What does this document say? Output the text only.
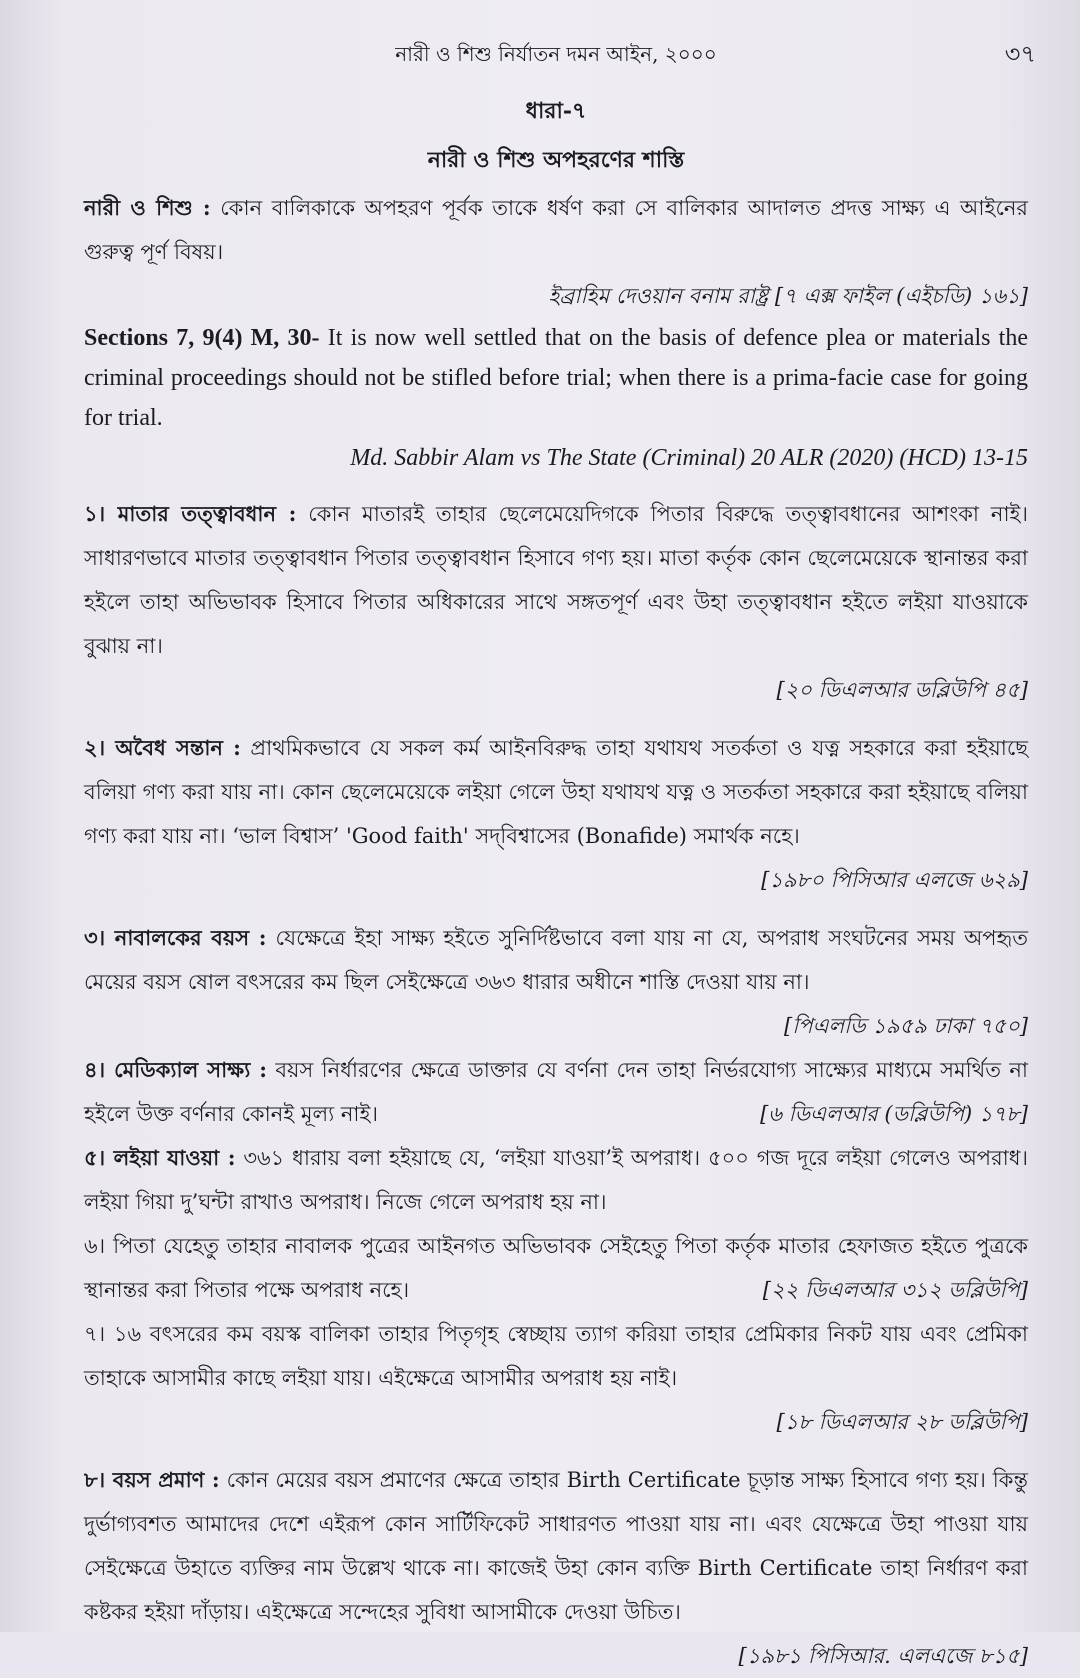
নারী ও শিশু নির্যাতন দমন আইন, ২০০০	৩৭
ধারা-৭
নারী ও শিশু অপহরণের শাস্তি

নারী ও শিশু : কোন বালিকাকে অপহরণ পূর্বক তাকে ধর্ষণ করা সে বালিকার আদালত প্রদত্ত সাক্ষ্য এ আইনের গুরুত্ব পূর্ণ বিষয়।

ইব্রাহিম দেওয়ান বনাম রাষ্ট্র [৭ এক্স ফাইল (এইচডি) ১৬১]

Sections 7, 9(4) M, 30- It is now well settled that on the basis of defence plea or materials the criminal proceedings should not be stifled before trial; when there is a prima-facie case for going for trial.

Md. Sabbir Alam vs The State (Criminal) 20 ALR (2020) (HCD) 13-15

১। মাতার তত্ত্বাবধান : কোন মাতারই তাহার ছেলেমেয়েদিগকে পিতার বিরুদ্ধে তত্ত্বাবধানের আশংকা নাই। সাধারণভাবে মাতার তত্ত্বাবধান পিতার তত্ত্বাবধান হিসাবে গণ্য হয়। মাতা কর্তৃক কোন ছেলেমেয়েকে স্থানান্তর করা হইলে তাহা অভিভাবক হিসাবে পিতার অধিকারের সাথে সঙ্গতপূর্ণ এবং উহা তত্ত্বাবধান হইতে লইয়া যাওয়াকে বুঝায় না।

[২০ ডিএলআর ডব্লিউপি ৪৫]

২। অবৈধ সন্তান : প্রাথমিকভাবে যে সকল কর্ম আইনবিরুদ্ধ তাহা যথাযথ সতর্কতা ও যত্ন সহকারে করা হইয়াছে বলিয়া গণ্য করা যায় না। কোন ছেলেমেয়েকে লইয়া গেলে উহা যথাযথ যত্ন ও সতর্কতা সহকারে করা হইয়াছে বলিয়া গণ্য করা যায় না। ‘ভাল বিশ্বাস’ 'Good faith' সদ্‌বিশ্বাসের (Bonafide) সমার্থক নহে।

[১৯৮০ পিসিআর এলজে ৬২৯]

৩। নাবালকের বয়স : যেক্ষেত্রে ইহা সাক্ষ্য হইতে সুনির্দিষ্টভাবে বলা যায় না যে, অপরাধ সংঘটনের সময় অপহৃত মেয়ের বয়স ষোল বৎসরের কম ছিল সেইক্ষেত্রে ৩৬৩ ধারার অধীনে শাস্তি দেওয়া যায় না।

[পিএলডি ১৯৫৯ ঢাকা ৭৫০]

৪। মেডিক্যাল সাক্ষ্য : বয়স নির্ধারণের ক্ষেত্রে ডাক্তার যে বর্ণনা দেন তাহা নির্ভরযোগ্য সাক্ষ্যের মাধ্যমে সমর্থিত না হইলে উক্ত বর্ণনার কোনই মূল্য নাই।	[৬ ডিএলআর (ডব্লিউপি) ১৭৮]

৫। লইয়া যাওয়া : ৩৬১ ধারায় বলা হইয়াছে যে, ‘লইয়া যাওয়া’ই অপরাধ। ৫০০ গজ দূরে লইয়া গেলেও অপরাধ। লইয়া গিয়া দু’ঘন্টা রাখাও অপরাধ। নিজে গেলে অপরাধ হয় না।

৬। পিতা যেহেতু তাহার নাবালক পুত্রের আইনগত অভিভাবক সেইহেতু পিতা কর্তৃক মাতার হেফাজত হইতে পুত্রকে স্থানান্তর করা পিতার পক্ষে অপরাধ নহে।	[২২ ডিএলআর ৩১২ ডব্লিউপি]

৭। ১৬ বৎসরের কম বয়স্ক বালিকা তাহার পিতৃগৃহ স্বেচ্ছায় ত্যাগ করিয়া তাহার প্রেমিকার নিকট যায় এবং প্রেমিকা তাহাকে আসামীর কাছে লইয়া যায়। এইক্ষেত্রে আসামীর অপরাধ হয় নাই।

[১৮ ডিএলআর ২৮ ডব্লিউপি]

৮। বয়স প্রমাণ : কোন মেয়ের বয়স প্রমাণের ক্ষেত্রে তাহার Birth Certificate চূড়ান্ত সাক্ষ্য হিসাবে গণ্য হয়। কিন্তু দুর্ভাগ্যবশত আমাদের দেশে এইরূপ কোন সার্টিফিকেট সাধারণত পাওয়া যায় না। এবং যেক্ষেত্রে উহা পাওয়া যায় সেইক্ষেত্রে উহাতে ব্যক্তির নাম উল্লেখ থাকে না। কাজেই উহা কোন ব্যক্তি Birth Certificate তাহা নির্ধারণ করা কষ্টকর হইয়া দাঁড়ায়। এইক্ষেত্রে সন্দেহের সুবিধা আসামীকে দেওয়া উচিত।

[১৯৮১ পিসিআর. এলএজে ৮১৫]
